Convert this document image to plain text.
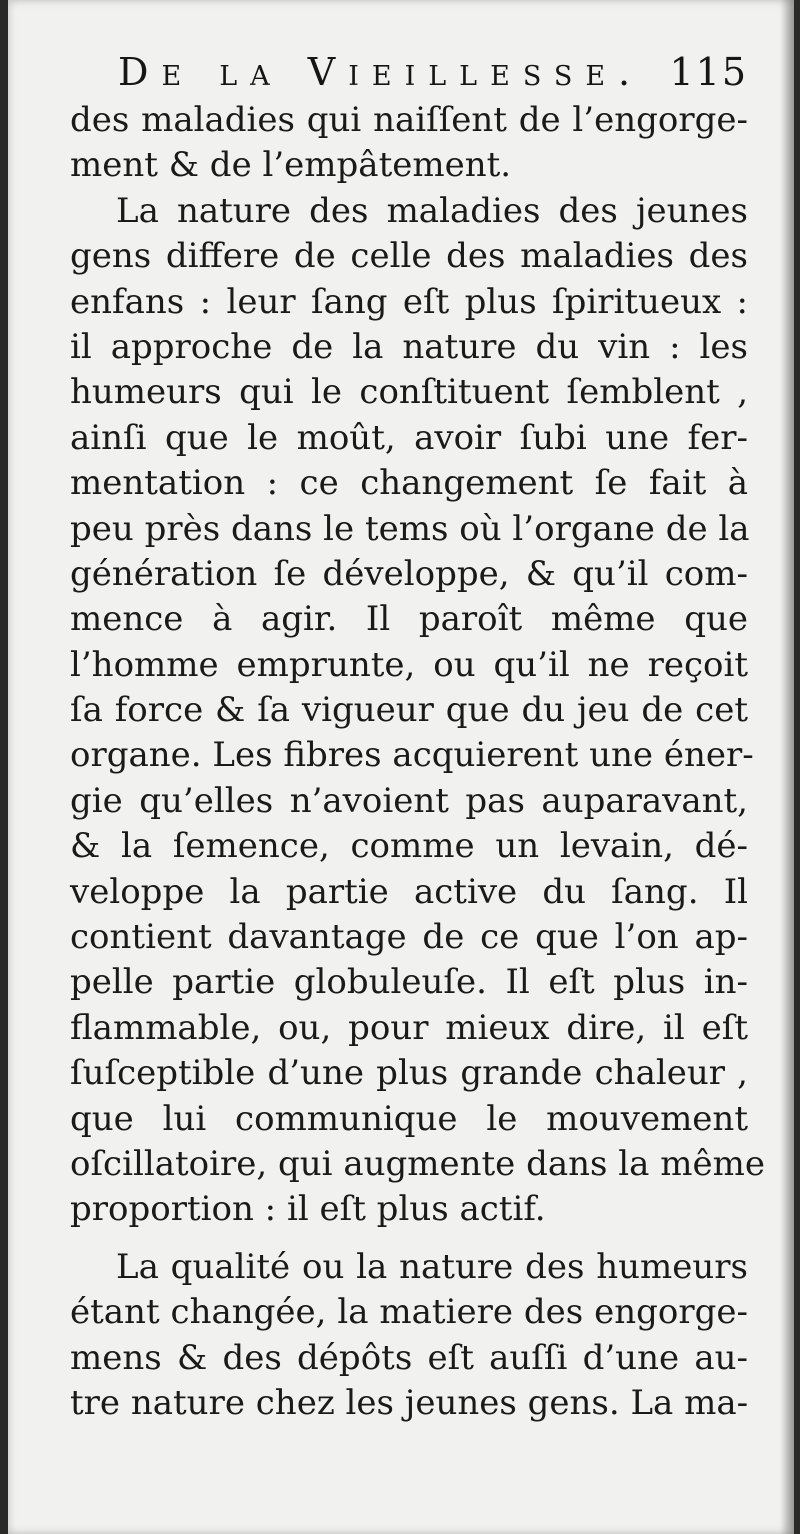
De la Vieillesse. 115
des maladies qui naiſſent de l’engorge-
ment & de l’empâtement.
La nature des maladies des jeunes
gens differe de celle des maladies des
enfans : leur ſang eſt plus ſpiritueux :
il approche de la nature du vin : les
humeurs qui le conſtituent ſemblent ,
ainſi que le moût, avoir ſubi une fer-
mentation : ce changement ſe fait à
peu près dans le tems où l’organe de la
génération ſe développe, & qu’il com-
mence à agir. Il paroît même que
l’homme emprunte, ou qu’il ne reçoit
ſa force & ſa vigueur que du jeu de cet
organe. Les fibres acquierent une éner-
gie qu’elles n’avoient pas auparavant,
& la ſemence, comme un levain, dé-
veloppe la partie active du ſang. Il
contient davantage de ce que l’on ap-
pelle partie globuleuſe. Il eſt plus in-
flammable, ou, pour mieux dire, il eſt
ſuſceptible d’une plus grande chaleur ,
que lui communique le mouvement
oſcillatoire, qui augmente dans la même
proportion : il eſt plus actif.
La qualité ou la nature des humeurs
étant changée, la matiere des engorge-
mens & des dépôts eſt auſſi d’une au-
tre nature chez les jeunes gens. La ma-
